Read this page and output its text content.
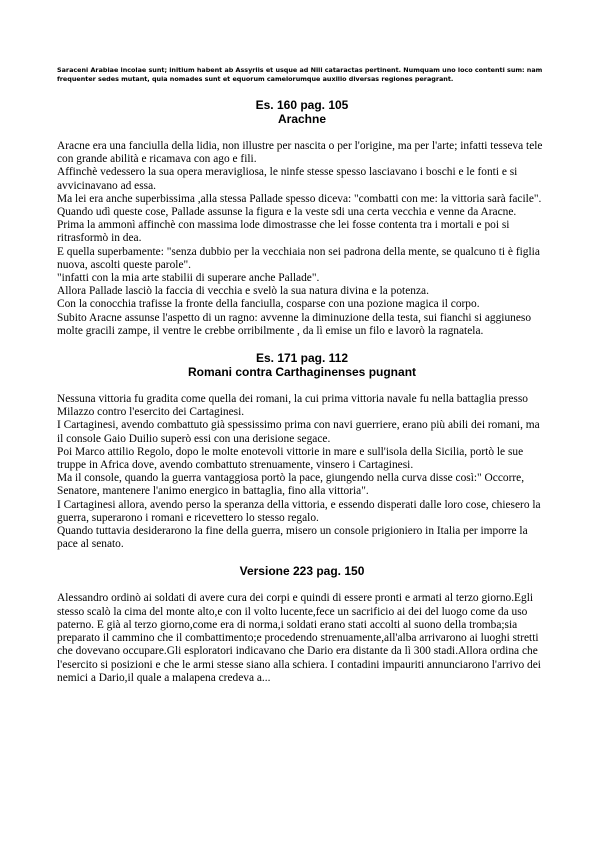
Saraceni Arabiae incolae sunt; initium habent ab Assyriis et usque ad Nili cataractas pertinent. Numquam uno loco contenti sum: nam frequenter sedes mutant, quia nomades sunt et equorum camelorumque auxilio diversas regiones peragrant.

Es. 160 pag. 105

Arachne

Aracne era una fanciulla della lidia, non illustre per nascita o per l'origine, ma per l'arte; infatti tesseva tele con grande abilità e ricamava con ago e fili.

Affinchè vedessero la sua opera meravigliosa, le ninfe stesse spesso lasciavano i boschi e le fonti e si avvicinavano ad essa.

Ma lei era anche superbissima ,alla stessa Pallade spesso diceva: "combatti con me: la vittoria sarà facile".

Quando udì queste cose, Pallade assunse la figura e la veste sdi una certa vecchia e venne da Aracne.

Prima la ammonì affinchè con massima lode dimostrasse che lei fosse contenta tra i mortali e poi si ritrasformò in dea.

E quella superbamente: "senza dubbio per la vecchiaia non sei padrona della mente, se qualcuno ti è figlia nuova, ascolti queste parole".

"infatti con la mia arte stabilii di superare anche Pallade".

Allora Pallade lasciò la faccia di vecchia e svelò la sua natura divina e la potenza.

Con la conocchia trafisse la fronte della fanciulla, cosparse con una pozione magica il corpo.

Subito Aracne assunse l'aspetto di un ragno: avvenne la diminuzione della testa, sui fianchi si aggiuneso molte gracili zampe, il ventre le crebbe orribilmente , da lì emise un filo e lavorò la ragnatela.

Es. 171 pag. 112

Romani contra Carthaginenses pugnant

Nessuna vittoria fu gradita come quella dei romani, la cui prima vittoria navale fu nella battaglia presso Milazzo contro l'esercito dei Cartaginesi.

I Cartaginesi, avendo combattuto già spessissimo prima con navi guerriere, erano più abili dei romani, ma il console Gaio Duilio superò essi con una derisione segace.

Poi Marco attilio Regolo, dopo le molte enotevoli vittorie in mare e sull'isola della Sicilia, portò le sue truppe in Africa dove, avendo combattuto strenuamente, vinsero i Cartaginesi.

Ma il console, quando la guerra vantaggiosa portò la pace, giungendo nella curva disse così:" Occorre, Senatore, mantenere l'animo energico in battaglia, fino alla vittoria".

I Cartaginesi allora, avendo perso la speranza della vittoria, e essendo disperati dalle loro cose, chiesero la guerra, superarono i romani e ricevettero lo stesso regalo.

Quando tuttavia desiderarono la fine della guerra, misero un console prigioniero in Italia per imporre la pace al senato.

Versione 223 pag. 150

Alessandro ordinò ai soldati di avere cura dei corpi e quindi di essere pronti e armati al terzo giorno.Egli stesso scalò la cima del monte alto,e con il volto lucente,fece un sacrificio ai dei del luogo come da uso paterno. E già al terzo giorno,come era di norma,i soldati erano stati accolti al suono della tromba;sia preparato il cammino che il combattimento;e procedendo strenuamente,all'alba arrivarono ai luoghi stretti che dovevano occupare.Gli esploratori indicavano che Dario era distante da lì 300 stadi.Allora ordina che l'esercito si posizioni e che le armi stesse siano alla schiera. I contadini impauriti annunciarono l'arrivo dei nemici a Dario,il quale a malapena credeva a...
